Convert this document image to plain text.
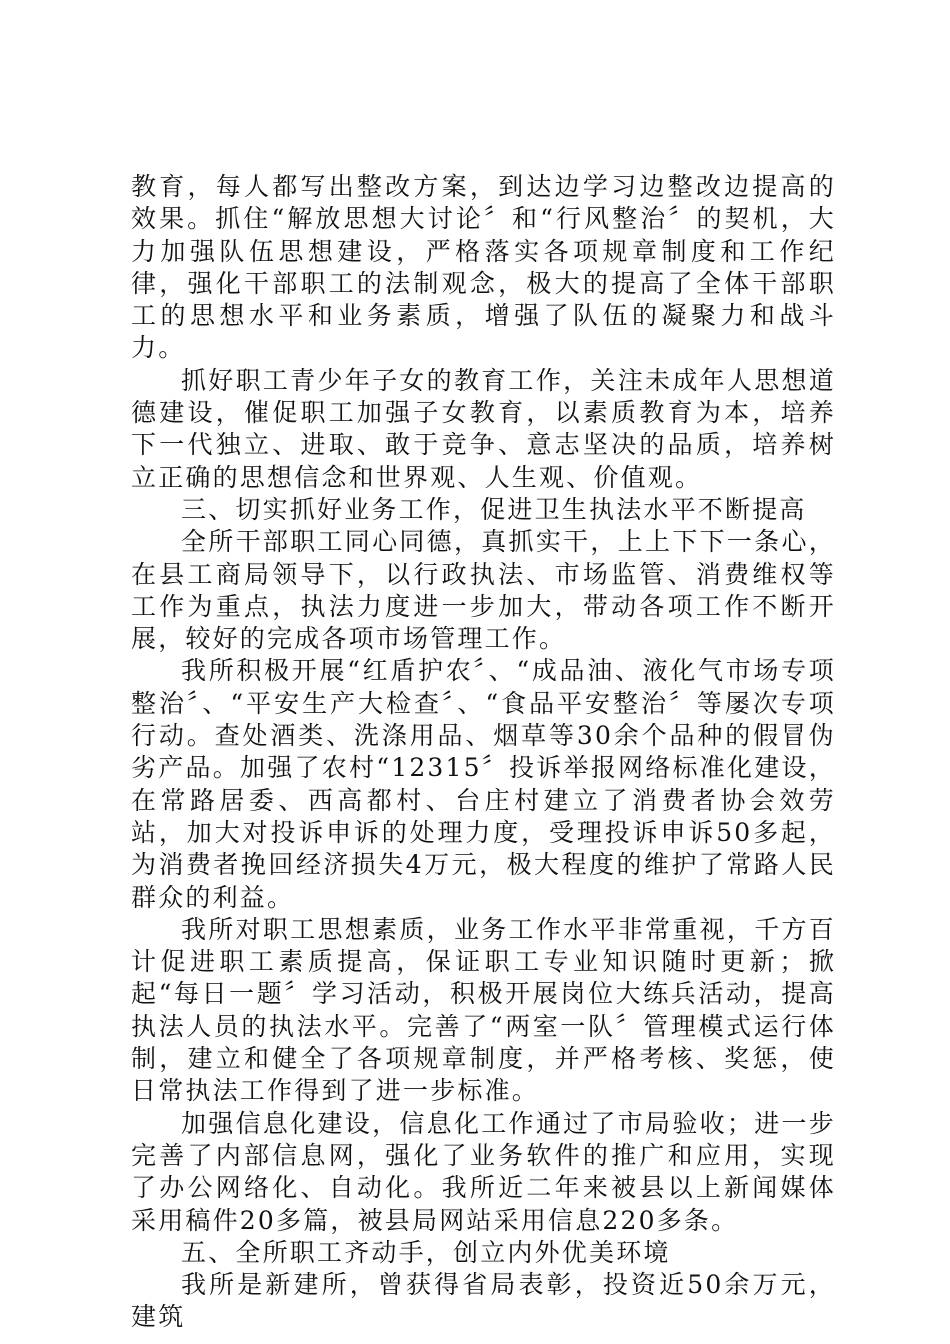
教育，每人都写出整改方案，到达边学习边整改边提高的效果。抓住“解放思想大讨论〞和“行风整治〞的契机，大力加强队伍思想建设，严格落实各项规章制度和工作纪律，强化干部职工的法制观念，极大的提高了全体干部职工的思想水平和业务素质，增强了队伍的凝聚力和战斗力。

抓好职工青少年子女的教育工作，关注未成年人思想道德建设，催促职工加强子女教育，以素质教育为本，培养下一代独立、进取、敢于竞争、意志坚决的品质，培养树立正确的思想信念和世界观、人生观、价值观。

三、切实抓好业务工作，促进卫生执法水平不断提高

全所干部职工同心同德，真抓实干，上上下下一条心，在县工商局领导下，以行政执法、市场监管、消费维权等工作为重点，执法力度进一步加大，带动各项工作不断开展，较好的完成各项市场管理工作。

我所积极开展“红盾护农〞、“成品油、液化气市场专项整治〞、“平安生产大检查〞、“食品平安整治〞等屡次专项行动。查处酒类、洗涤用品、烟草等30余个品种的假冒伪劣产品。加强了农村“12315〞投诉举报网络标准化建设，在常路居委、西高都村、台庄村建立了消费者协会效劳站，加大对投诉申诉的处理力度，受理投诉申诉50多起，为消费者挽回经济损失4万元，极大程度的维护了常路人民群众的利益。

我所对职工思想素质，业务工作水平非常重视，千方百计促进职工素质提高，保证职工专业知识随时更新；掀起“每日一题〞学习活动，积极开展岗位大练兵活动，提高执法人员的执法水平。完善了“两室一队〞管理模式运行体制，建立和健全了各项规章制度，并严格考核、奖惩，使日常执法工作得到了进一步标准。

加强信息化建设，信息化工作通过了市局验收；进一步完善了内部信息网，强化了业务软件的推广和应用，实现了办公网络化、自动化。我所近二年来被县以上新闻媒体采用稿件20多篇，被县局网站采用信息220多条。

五、全所职工齐动手，创立内外优美环境

我所是新建所，曾获得省局表彰，投资近50余万元，建筑
